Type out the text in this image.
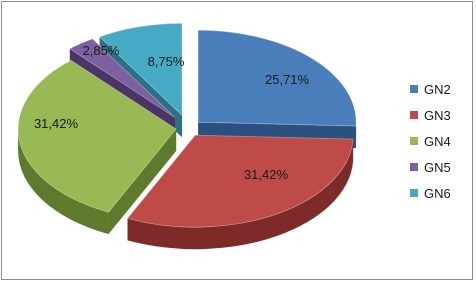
25,71%
31,42%
31,42%
2,85%
8,75%
GN2
GN3
GN4
GN5
GN6
